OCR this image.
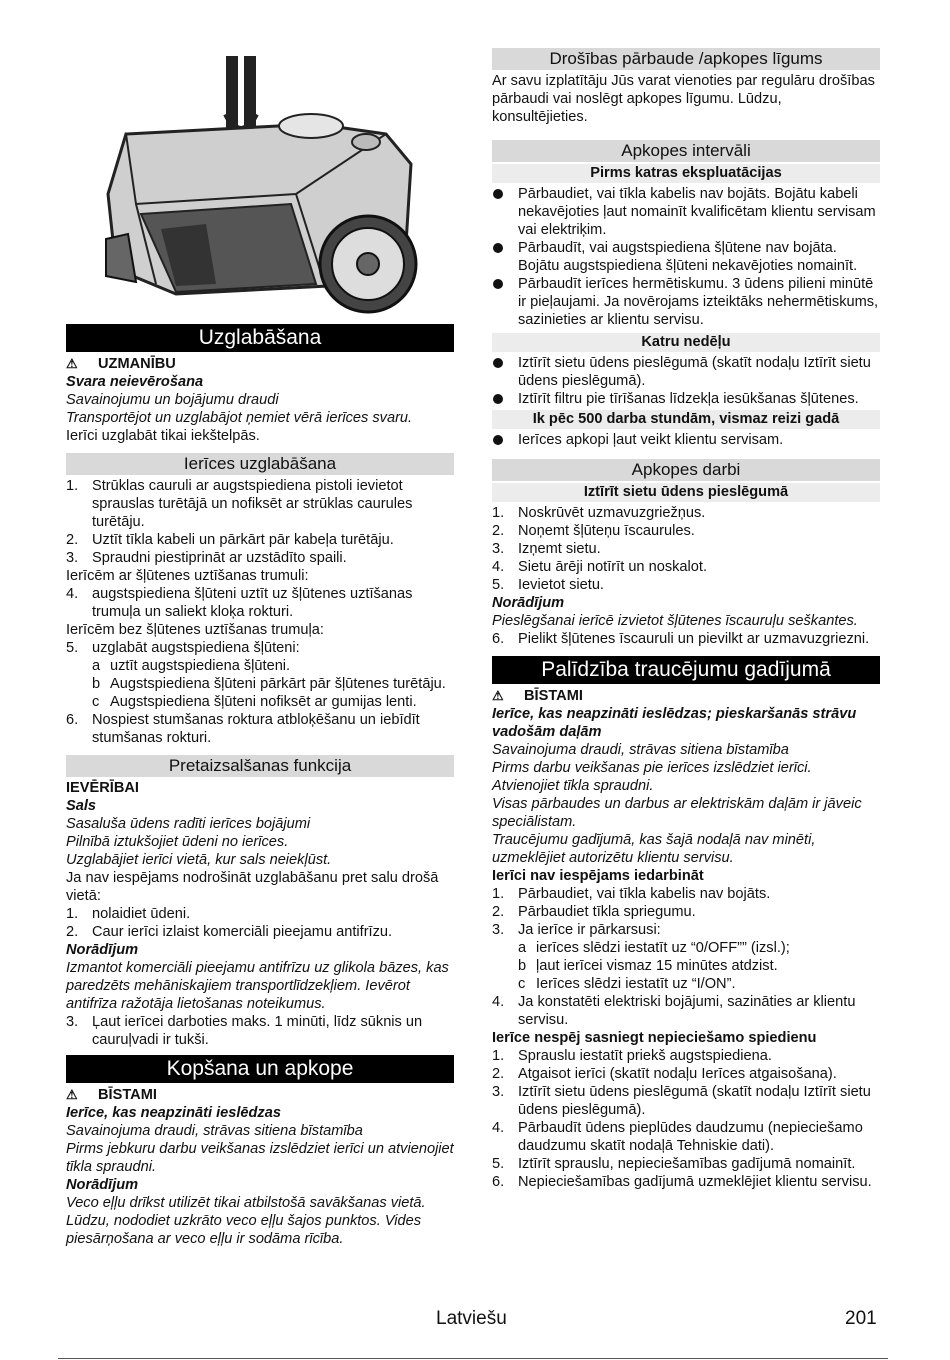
Uzglabāšana
⚠	UZMANĪBU
Svara neievērošana
Savainojumu un bojājumu draudi
Transportējot un uzglabājot ņemiet vērā ierīces svaru.
Ierīci uzglabāt tikai iekštelpās.
Ierīces uzglabāšana
1. Strūklas cauruli ar augstspiediena pistoli ievietot sprauslas turētājā un nofiksēt ar strūklas caurules turētāju.
2. Uztīt tīkla kabeli un pārkārt pār kabeļa turētāju.
3. Spraudni piestiprināt ar uzstādīto spaili.
Ierīcēm ar šļūtenes uztīšanas trumuli:
4. augstspiediena šļūteni uztīt uz šļūtenes uztīšanas trumuļa un saliekt kloķa rokturi.
Ierīcēm bez šļūtenes uztīšanas trumuļa:
5. uzglabāt augstspiediena šļūteni:
a uztīt augstspiediena šļūteni.
b Augstspiediena šļūteni pārkārt pār šļūtenes turētāju.
c Augstspiediena šļūteni nofiksēt ar gumijas lenti.
6. Nospiest stumšanas roktura atbloķēšanu un iebīdīt stumšanas rokturi.
Pretaizsalšanas funkcija
IEVĒRĪBAI
Sals
Sasaluša ūdens radīti ierīces bojājumi
Pilnībā iztukšojiet ūdeni no ierīces.
Uzglabājiet ierīci vietā, kur sals neiekļūst.
Ja nav iespējams nodrošināt uzglabāšanu pret salu drošā vietā:
1. nolaidiet ūdeni.
2. Caur ierīci izlaist komerciāli pieejamu antifrīzu.
Norādījum
Izmantot komerciāli pieejamu antifrīzu uz glikola bāzes, kas paredzēts mehāniskajiem transportlīdzekļiem. Ievērot antifrīza ražotāja lietošanas noteikumus.
3. Ļaut ierīcei darboties maks. 1 minūti, līdz sūknis un cauruļvadi ir tukši.
Kopšana un apkope
⚠	BĪSTAMI
Ierīce, kas neapzināti ieslēdzas
Savainojuma draudi, strāvas sitiena bīstamība
Pirms jebkuru darbu veikšanas izslēdziet ierīci un atvienojiet tīkla spraudni.
Norādījum
Veco eļļu drīkst utilizēt tikai atbilstošā savākšanas vietā. Lūdzu, nododiet uzkrāto veco eļļu šajos punktos. Vides piesārņošana ar veco eļļu ir sodāma rīcība.
Drošības pārbaude /apkopes līgums
Ar savu izplatītāju Jūs varat vienoties par regulāru drošības pārbaudi vai noslēgt apkopes līgumu. Lūdzu, konsultējieties.
Apkopes intervāli
Pirms katras ekspluatācijas
Pārbaudiet, vai tīkla kabelis nav bojāts. Bojātu kabeli nekavējoties ļaut nomainīt kvalificētam klientu servisam vai elektriķim.
Pārbaudīt, vai augstspiediena šļūtene nav bojāta. Bojātu augstspiediena šļūteni nekavējoties nomainīt.
Pārbaudīt ierīces hermētiskumu. 3 ūdens pilieni minūtē ir pieļaujami. Ja novērojams izteiktāks nehermētiskums, sazinieties ar klientu servisu.
Katru nedēļu
Iztīrīt sietu ūdens pieslēgumā (skatīt nodaļu Iztīrīt sietu ūdens pieslēgumā).
Iztīrīt filtru pie tīrīšanas līdzekļa iesūkšanas šļūtenes.
Ik pēc 500 darba stundām, vismaz reizi gadā
Ierīces apkopi ļaut veikt klientu servisam.
Apkopes darbi
Iztīrīt sietu ūdens pieslēgumā
1. Noskrūvēt uzmavuzgriežņus.
2. Noņemt šļūteņu īscaurules.
3. Izņemt sietu.
4. Sietu ārēji notīrīt un noskalot.
5. Ievietot sietu.
Norādījum
Pieslēgšanai ierīcē izvietot šļūtenes īscauruļu seškantes.
6. Pielikt šļūtenes īscauruli un pievilkt ar uzmavuzgriezni.
Palīdzība traucējumu gadījumā
⚠	BĪSTAMI
Ierīce, kas neapzināti ieslēdzas; pieskaršanās strāvu vadošām daļām
Savainojuma draudi, strāvas sitiena bīstamība
Pirms darbu veikšanas pie ierīces izslēdziet ierīci.
Atvienojiet tīkla spraudni.
Visas pārbaudes un darbus ar elektriskām daļām ir jāveic speciālistam.
Traucējumu gadījumā, kas šajā nodaļā nav minēti, uzmeklējiet autorizētu klientu servisu.
Ierīci nav iespējams iedarbināt
1. Pārbaudiet, vai tīkla kabelis nav bojāts.
2. Pārbaudiet tīkla spriegumu.
3. Ja ierīce ir pārkarsusi:
a ierīces slēdzi iestatīt uz “0/OFF”” (izsl.);
b ļaut ierīcei vismaz 15 minūtes atdzist.
c Ierīces slēdzi iestatīt uz “I/ON”.
4. Ja konstatēti elektriski bojājumi, sazināties ar klientu servisu.
Ierīce nespēj sasniegt nepieciešamo spiedienu
1. Sprauslu iestatīt priekš augstspiediena.
2. Atgaisot ierīci (skatīt nodaļu Ierīces atgaisošana).
3. Iztīrīt sietu ūdens pieslēgumā (skatīt nodaļu Iztīrīt sietu ūdens pieslēgumā).
4. Pārbaudīt ūdens pieplūdes daudzumu (nepieciešamo daudzumu skatīt nodaļā Tehniskie dati).
5. Iztīrīt sprauslu, nepieciešamības gadījumā nomainīt.
6. Nepieciešamības gadījumā uzmeklējiet klientu servisu.
Latviešu	201
